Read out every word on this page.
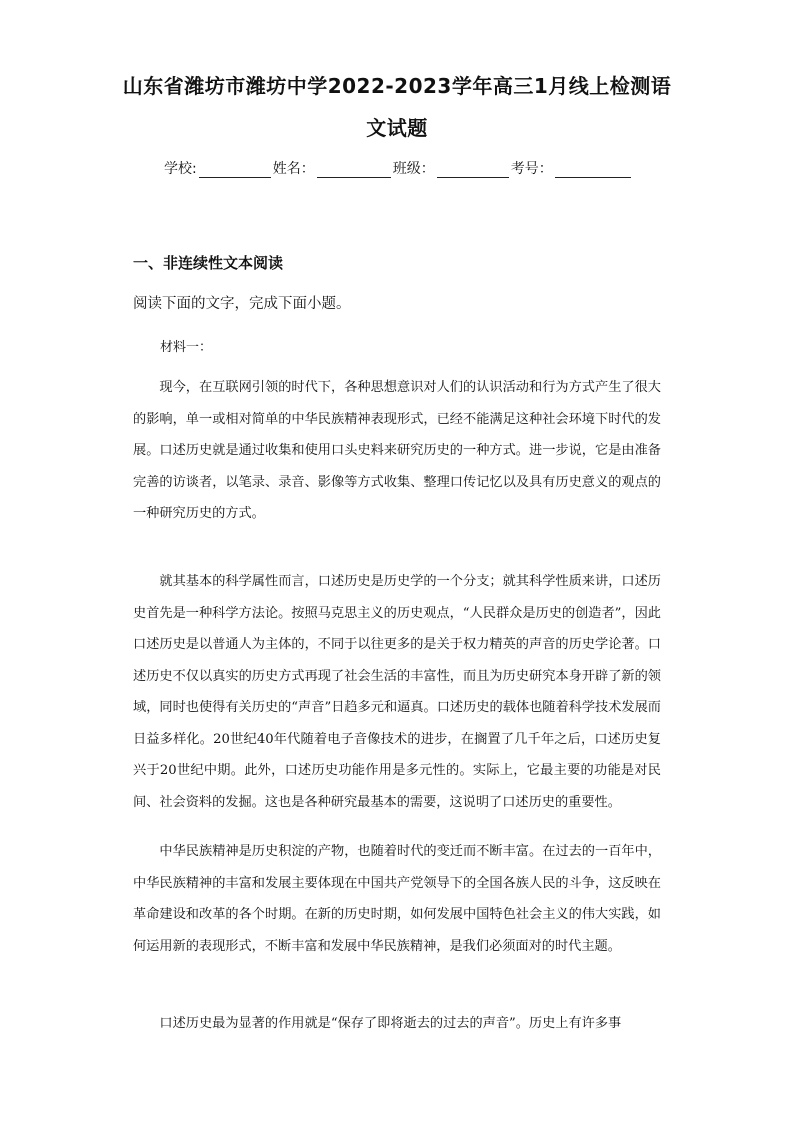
山东省潍坊市潍坊中学2022-2023学年高三1月线上检测语
文试题
学校:	姓名：	班级：	考号：
一、非连续性文本阅读
阅读下面的文字，完成下面小题。
材料一：

现今，在互联网引领的时代下，各种思想意识对人们的认识活动和行为方式产生了很大的影响，单一或相对简单的中华民族精神表现形式，已经不能满足这种社会环境下时代的发展。口述历史就是通过收集和使用口头史料来研究历史的一种方式。进一步说，它是由准备完善的访谈者，以笔录、录音、影像等方式收集、整理口传记忆以及具有历史意义的观点的一种研究历史的方式。

就其基本的科学属性而言，口述历史是历史学的一个分支；就其科学性质来讲，口述历史首先是一种科学方法论。按照马克思主义的历史观点，“人民群众是历史的创造者”，因此口述历史是以普通人为主体的，不同于以往更多的是关于权力精英的声音的历史学论著。口述历史不仅以真实的历史方式再现了社会生活的丰富性，而且为历史研究本身开辟了新的领域，同时也使得有关历史的“声音”日趋多元和逼真。口述历史的载体也随着科学技术发展而日益多样化。20世纪40年代随着电子音像技术的进步，在搁置了几千年之后，口述历史复兴于20世纪中期。此外，口述历史功能作用是多元性的。实际上，它最主要的功能是对民间、社会资料的发掘。这也是各种研究最基本的需要，这说明了口述历史的重要性。

中华民族精神是历史积淀的产物，也随着时代的变迁而不断丰富。在过去的一百年中，中华民族精神的丰富和发展主要体现在中国共产党领导下的全国各族人民的斗争，这反映在革命建设和改革的各个时期。在新的历史时期，如何发展中国特色社会主义的伟大实践，如何运用新的表现形式，不断丰富和发展中华民族精神，是我们必须面对的时代主题。

口述历史最为显著的作用就是“保存了即将逝去的过去的声音”。历史上有许多事
